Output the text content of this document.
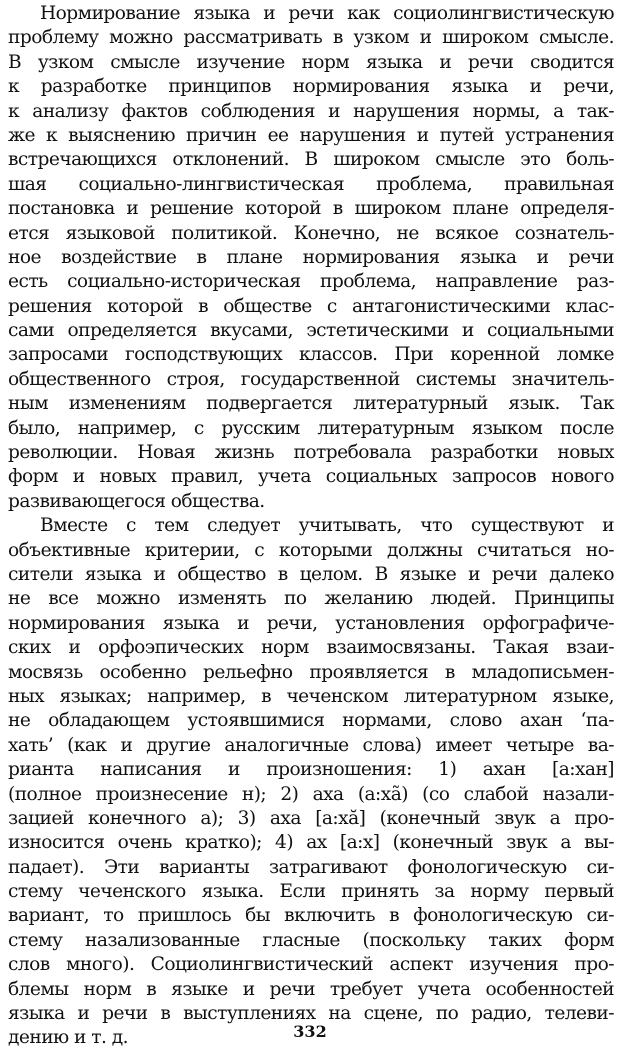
Нормирование языка и речи как социолингвистическую
проблему можно рассматривать в узком и широком смысле.
В узком смысле изучение норм языка и речи сводится
к разработке принципов нормирования языка и речи,
к анализу фактов соблюдения и нарушения нормы, а так-
же к выяснению причин ее нарушения и путей устранения
встречающихся отклонений. В широком смысле это боль-
шая социально-лингвистическая проблема, правильная
постановка и решение которой в широком плане определя-
ется языковой политикой. Конечно, не всякое сознатель-
ное воздействие в плане нормирования языка и речи
есть социально-историческая проблема, направление раз-
решения которой в обществе с антагонистическими клас-
сами определяется вкусами, эстетическими и социальными
запросами господствующих классов. При коренной ломке
общественного строя, государственной системы значитель-
ным изменениям подвергается литературный язык. Так
было, например, с русским литературным языком после
революции. Новая жизнь потребовала разработки новых
форм и новых правил, учета социальных запросов нового
развивающегося общества.
Вместе с тем следует учитывать, что существуют и
объективные критерии, с которыми должны считаться но-
сители языка и общество в целом. В языке и речи далеко
не все можно изменять по желанию людей. Принципы
нормирования языка и речи, установления орфографиче-
ских и орфоэпических норм взаимосвязаны. Такая взаи-
мосвязь особенно рельефно проявляется в младописьмен-
ных языках; например, в чеченском литературном языке,
не обладающем устоявшимися нормами, слово ахан ‘па-
хать’ (как и другие аналогичные слова) имеет четыре ва-
рианта написания и произношения: 1) ахан [а:хан]
(полное произнесение н); 2) аха (а:хã) (со слабой назали-
зацией конечного а); 3) аха [а:хă] (конечный звук а про-
износится очень кратко); 4) ах [а:х] (конечный звук а вы-
падает). Эти варианты затрагивают фонологическую си-
стему чеченского языка. Если принять за норму первый
вариант, то пришлось бы включить в фонологическую си-
стему назализованные гласные (поскольку таких форм
слов много). Социолингвистический аспект изучения про-
блемы норм в языке и речи требует учета особенностей
языка и речи в выступлениях на сцене, по радио, телеви-
дению и т. д.	332
